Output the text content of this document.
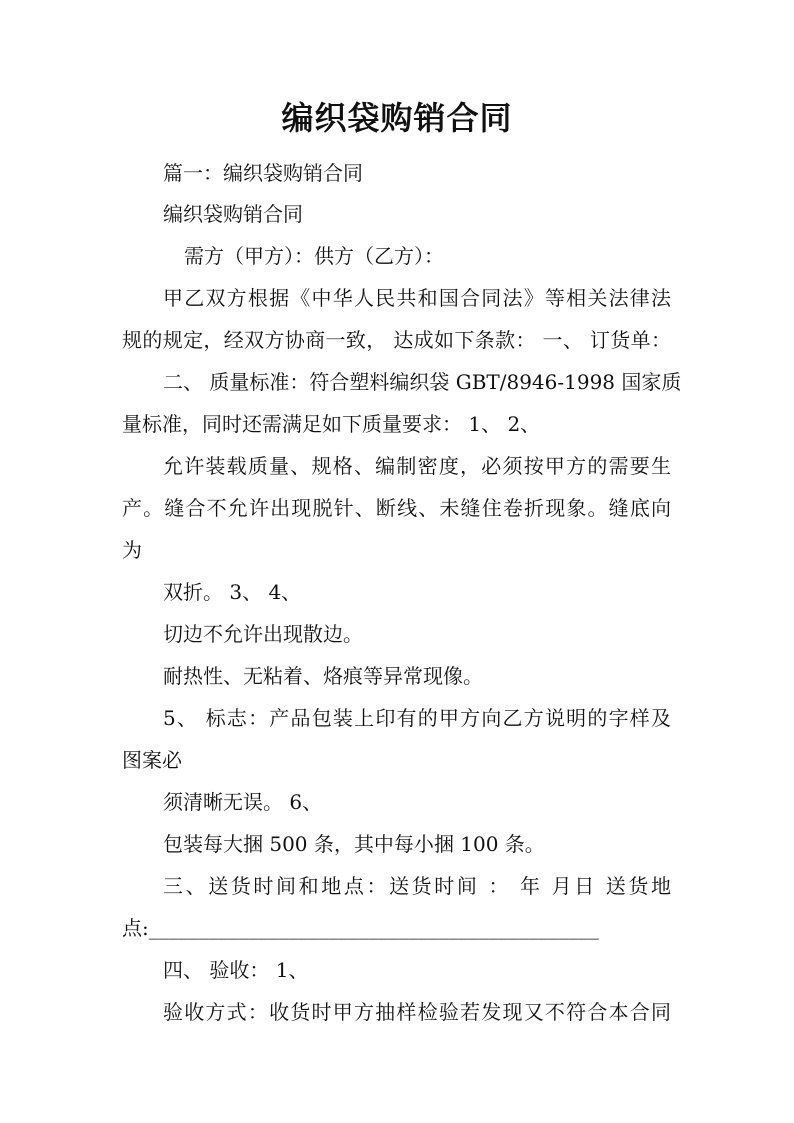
编织袋购销合同
篇一：编织袋购销合同
编织袋购销合同
需方（甲方）：供方（乙方）：
甲乙双方根据《中华人民共和国合同法》等相关法律法
规的规定，经双方协商一致， 达成如下条款： 一、 订货单：
二、 质量标准：符合塑料编织袋 GBT/8946-1998 国家质
量标准，同时还需满足如下质量要求： 1、 2、
允许装载质量、规格、编制密度，必须按甲方的需要生
产。缝合不允许出现脱针、断线、未缝住卷折现象。缝底向
为
双折。 3、 4、
切边不允许出现散边。
耐热性、无粘着、烙痕等异常现像。
5、 标志：产品包装上印有的甲方向乙方说明的字样及
图案必
须清晰无误。 6、
包装每大捆 500 条，其中每小捆 100 条。
三、送货时间和地点：送货时间 ： 年 月日 送货地
点:_____________________________________________
四、 验收： 1、
验收方式：收货时甲方抽样检验若发现又不符合本合同
